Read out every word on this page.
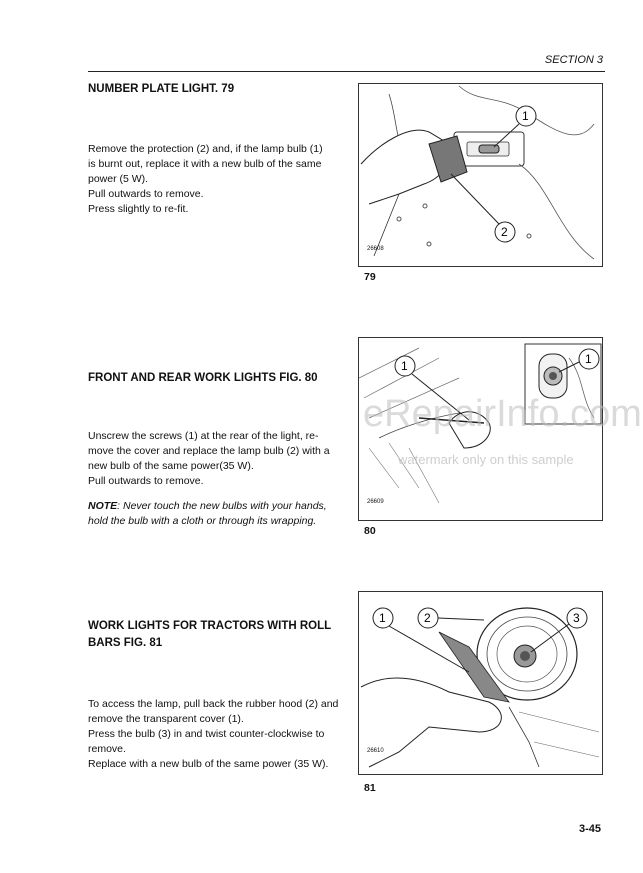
SECTION 3
NUMBER PLATE LIGHT. 79

Remove the protection (2) and, if the lamp bulb (1)

is burnt out, replace it with a new bulb of the same

power (5 W).

Pull outwards to remove.

Press slightly to re-fit.

1
2
26608
79
FRONT AND REAR WORK LIGHTS FIG. 80

Unscrew the screws (1) at the rear of the light, re-

move the cover and replace the lamp bulb (2) with a

new bulb of the same power(35 W).

Pull outwards to remove.

NOTE: Never touch the new bulbs with your hands,
hold the bulb with a cloth or through its wrapping.
1	1
26609
80
eRepairInfo.com
watermark only on this sample
WORK LIGHTS FOR TRACTORS WITH ROLL
BARS FIG. 81

To access the lamp, pull back the rubber hood (2) and

remove the transparent cover (1).

Press the bulb (3) in and twist counter-clockwise to

remove.

Replace with a new bulb of the same power (35 W).

1	2	3
26610
81
3-45
